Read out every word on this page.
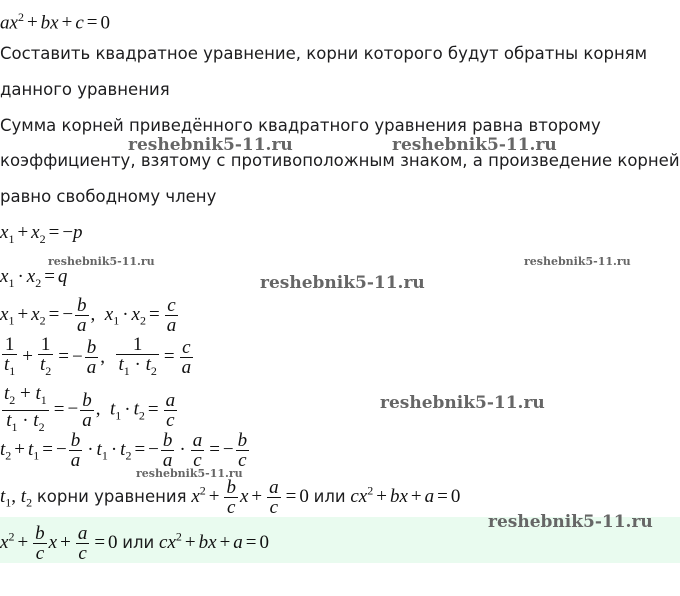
$ax^2$ + bx + c = 0
Составить квадратное уравнение, корни которого будут обратны корням
данного уравнения
Сумма корней приведённого квадратного уравнения равна второму
коэффициенту, взятому с противоположным знаком, а произведение корней
равно свободному члену
$x_1 + x_2 = -p$
$x_1 \cdot x_2 = q$
$x_1 + x_2$ = − $\frac{b}{a}$ ,  $x_1 \cdot x_2 = \frac{c}{a}$
$\frac{1}{t_1} + \frac{1}{t_2}$ = − $\frac{b}{a}$ , $\frac{1}{t_1 \cdot t_2} = \frac{c}{a}$
$\frac{t_2 + t_1}{t_1 \cdot t_2}$ = − $\frac{b}{a}$ ,  $t_1 \cdot t_2 = \frac{a}{c}$
$t_2 + t_1$ = − $\frac{b}{a} \cdot t_1 \cdot t_2$ = − $\frac{b}{a} \cdot \frac{a}{c}$ = − $\frac{b}{c}$
$t_1$, $t_2$ корни уравнения $x^2 + \frac{b}{c}$ $x + \frac{a}{c} = 0$ или $cx^2$ + bx + a = 0
$x^2 + \frac{b}{c}$ $x + \frac{a}{c} = 0$ или $cx^2$ + bx + a = 0
reshebnik5-11.ru	reshebnik5-11.ru
reshebnik5-11.ru
reshebnik5-11.ru	reshebnik5-11.ru
reshebnik5-11.ru
reshebnik5-11.ru
reshebnik5-11.ru
